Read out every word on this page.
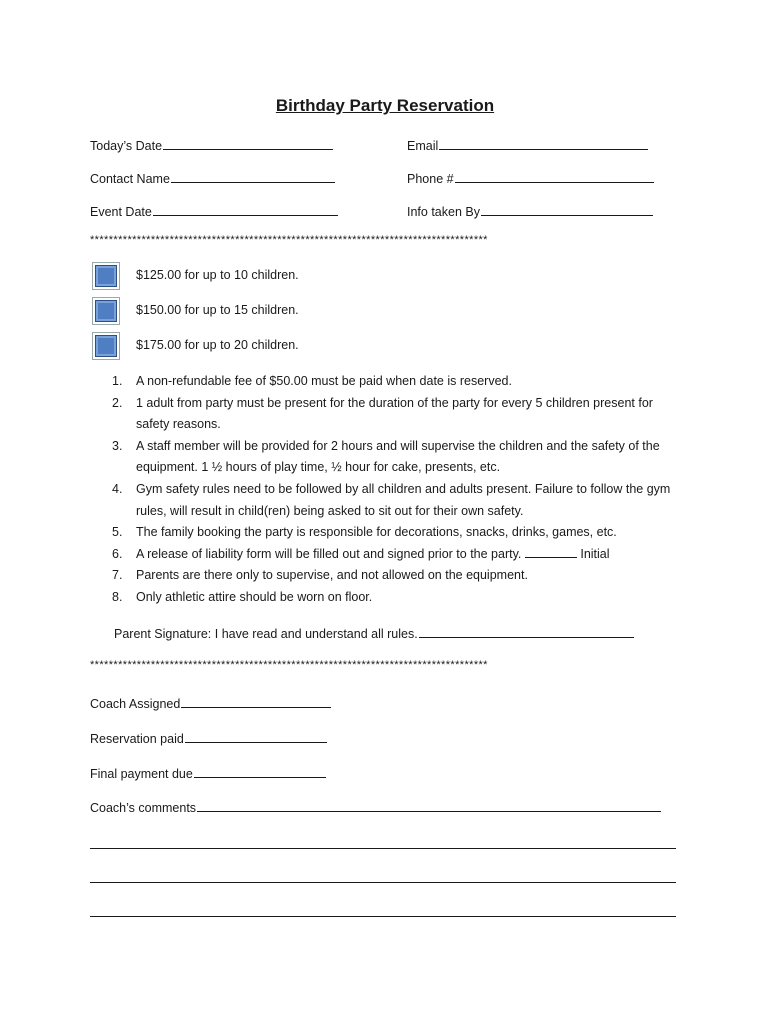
Birthday Party Reservation
Today’s Date	Email
Contact Name	Phone #
Event Date	Info taken By
*************************************************************************************
$125.00 for up to 10 children.
$150.00 for up to 15 children.
$175.00 for up to 20 children.
1. A non-refundable fee of $50.00 must be paid when date is reserved.
2. 1 adult from party must be present for the duration of the party for every 5 children present for safety reasons.
3. A staff member will be provided for 2 hours and will supervise the children and the safety of the equipment. 1 ½ hours of play time, ½ hour for cake, presents, etc.
4. Gym safety rules need to be followed by all children and adults present. Failure to follow the gym rules, will result in child(ren) being asked to sit out for their own safety.
5. The family booking the party is responsible for decorations, snacks, drinks, games, etc.
6. A release of liability form will be filled out and signed prior to the party.	Initial
7. Parents are there only to supervise, and not allowed on the equipment.
8. Only athletic attire should be worn on floor.
Parent Signature: I have read and understand all rules.
*************************************************************************************
Coach Assigned
Reservation paid
Final payment due
Coach’s comments
